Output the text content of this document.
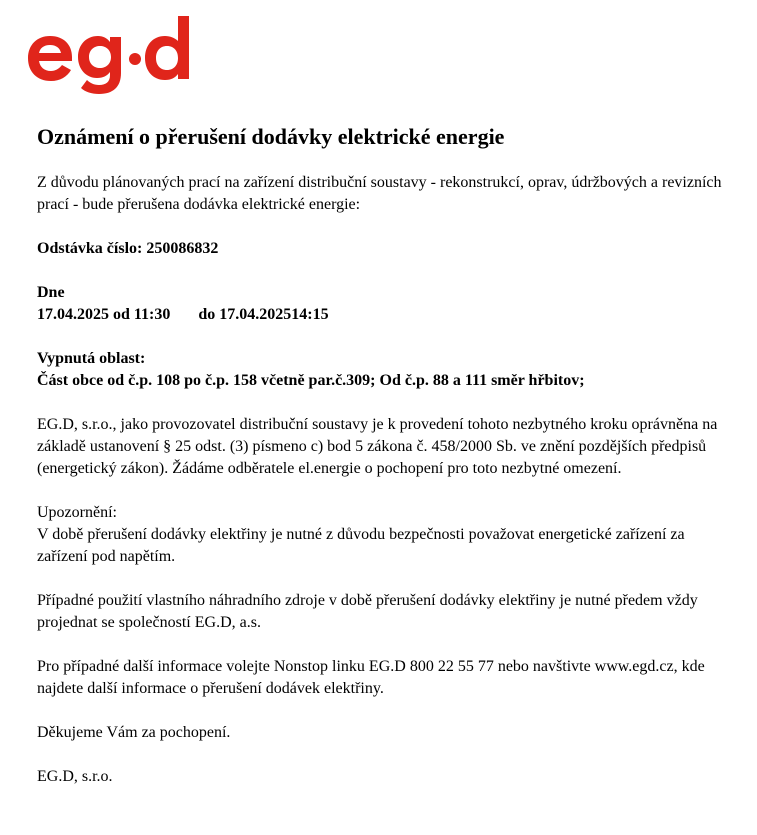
Oznámení o přerušení dodávky elektrické energie

Z důvodu plánovaných prací na zařízení distribuční soustavy - rekonstrukcí, oprav, údržbových a revizních prací - bude přerušena dodávka elektrické energie:

Odstávka číslo: 250086832

Dne
17.04.2025 od 11:30 do 17.04.202514:15

Vypnutá oblast:
Část obce od č.p. 108 po č.p. 158 včetně par.č.309; Od č.p. 88 a 111 směr hřbitov;

EG.D, s.r.o., jako provozovatel distribuční soustavy je k provedení tohoto nezbytného kroku oprávněna na základě ustanovení § 25 odst. (3) písmeno c) bod 5 zákona č. 458/2000 Sb. ve znění pozdějších předpisů (energetický zákon). Žádáme odběratele el.energie o pochopení pro toto nezbytné omezení.

Upozornění:
V době přerušení dodávky elektřiny je nutné z důvodu bezpečnosti považovat energetické zařízení za zařízení pod napětím.

Případné použití vlastního náhradního zdroje v době přerušení dodávky elektřiny je nutné předem vždy projednat se společností EG.D, a.s.

Pro případné další informace volejte Nonstop linku EG.D 800 22 55 77 nebo navštivte www.egd.cz, kde najdete další informace o přerušení dodávek elektřiny.

Děkujeme Vám za pochopení.

EG.D, s.r.o.
